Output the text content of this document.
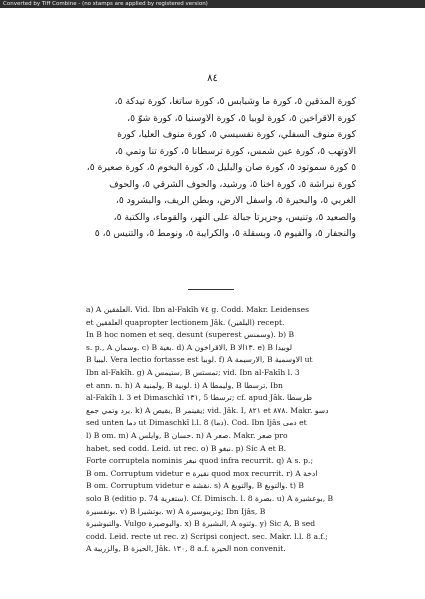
Converted by Tiff Combine - (no stamps are applied by registered version)
٨٤
كورة المذقين ٥، كورة ما وشبابس ٥، كورة ساتغا، كورة تيدكة ٥،
كورة الاقراخين ٥، كورة لوبيا ٥، كورة الاوسنيا ٥، كورة شوّ ٥،
كورة منوف السفلي، كورة نفسيسي ٥، كورة منوف العليا، كورة
الاوتهب ٥، كورة عين شمس، كورة ترسطانا ٥، كورة تنا وتمي ٥،
٥ كورة سموتود ٥، كورة صان والبليل ٥، كورة البخوم ٥، كورة صعيرة ٥،
كورة نبراشة ٥، كورة اخنا ٥، ورشيد، والحوف الشرقي ٥، والحوف
الغربي ٥، والبحيرة ٥، واسفل الارض، وبطن الريف، والبشرود ٥،
والصعيد ٥، وتنيس، وجزيرتا جبالة على النهر، والقوماء، والكتبة ٥،
والنجفار ٥، والفيوم ٥، وبسقلة ٥، والكرايبة ٥، ونومط ٥، والتنيس ٥، ٥
a) A العلفقين. Vid. Ibn al-Fakîh ٧٤ g. Codd. Makr. Leidenses
et العلفقين quapropter lectionem Jâk. (البلقين) recept.
In B hoc nomen et seq. desunt (superest وسمنس). b) B
s. p., A وسمان. c) B بغية. d) A الاقراخون, B ١٣الا. e) B لوبيدا
B ليبيا. Vera lectio fortasse est لوبيا. f) A الارسيمة, B الاوسمية ut
Ibn al-Fakîh. g) A ستيمس, B تمستس; vid. Ibn al-Fakîh l. 3
et ann. n. h) A ولمنية, B لوبية. i) A وليمطا, B ترسطا, Ibn
al-Fakîh l. 3 et Dimaschkî ١٣١, 5 ترسطا; cf. apud Jâk. طرسطا
يرد وتمي جمع. k) A بقيص, B يقينمر; vid. Jâk. I, ٨٢١ et ٨٧٨. Makr. دسو
sed unten دما ut Dimaschkî l.l. 8 (دما). Cod. Ibn Ijâs دمى et
l) B om. m) A وايلس, B حسان. n) A صعر. Makr. صعر pro
habet, sed codd. Leid. ut rec. o) B نبغو. p) Sic A et B.
Forte corruptela nominis نبغر quod infra recurrit. q) A s. p.;
B om. Corruptum videtur e نقيرة quod mox recurrit. r) A ادخة
B om. Corruptum videtur e نقشة. s) A والتوبغ, B والتوبغ. t) B
solo B (editio p. 74 ستغرية). Cf. Dimisch. l. 8 بصرة. u) A بوعشيرة, B
بونقسيرة. v) B بوتشيرا. w) A وتريبوسيرة; Ibn Ijâs, B
والتبوشيرة. Vulgo والبوصيرة. x) B البشيرة, A وثنوه. y) Sic A, B sed
codd. Leid. recte ut rec. z) Scripsi conject. sec. Makr. l.l. 8 a.f.;
A والزريبة, B الحيزة, Jâk. ١٣٠, 8 a.f. الحيزة non convenit.
